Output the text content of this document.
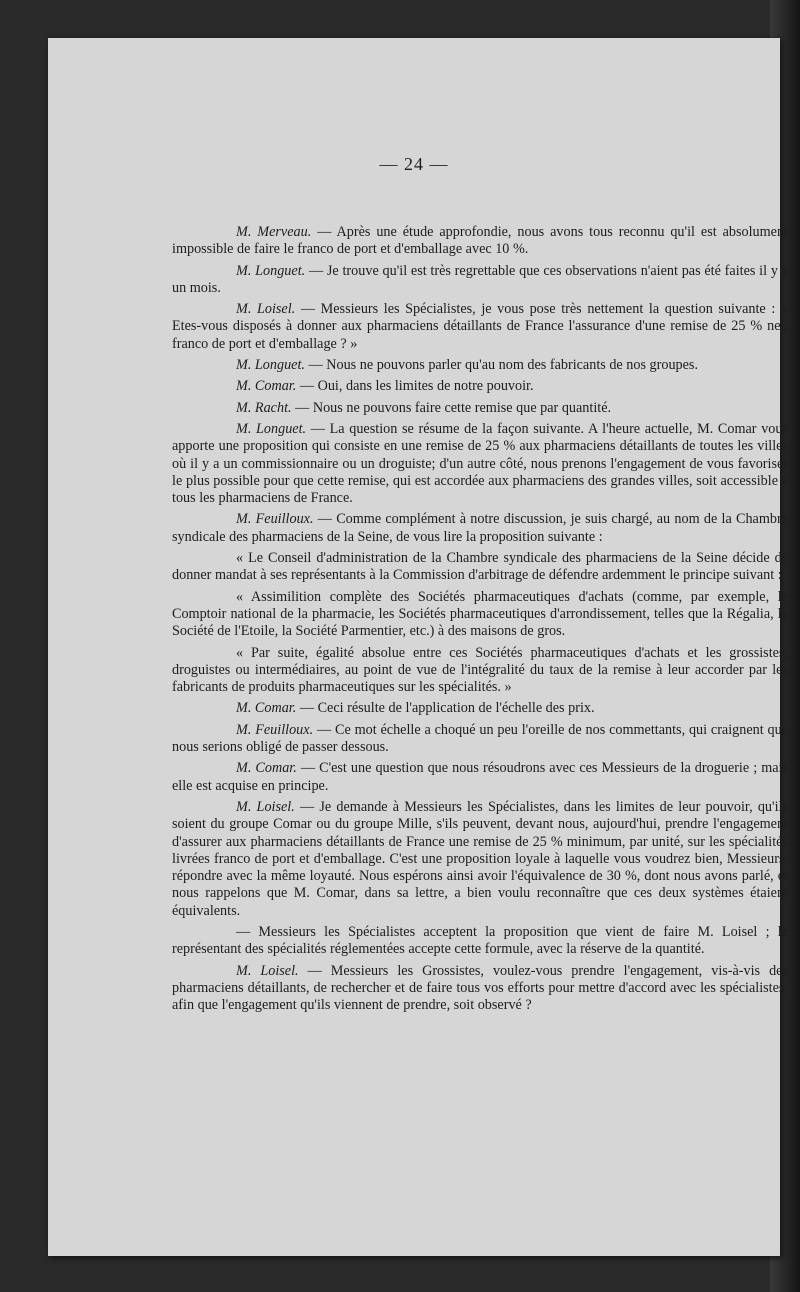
— 24 —

M. Merveau. — Après une étude approfondie, nous avons tous reconnu qu'il est absolument impossible de faire le franco de port et d'emballage avec 10 %.

M. Longuet. — Je trouve qu'il est très regrettable que ces observations n'aient pas été faites il y a un mois.

M. Loisel. — Messieurs les Spécialistes, je vous pose très nettement la question suivante : « Etes-vous disposés à donner aux pharmaciens détaillants de France l'assurance d'une remise de 25 % net, franco de port et d'emballage ? »

M. Longuet. — Nous ne pouvons parler qu'au nom des fabricants de nos groupes.

M. Comar. — Oui, dans les limites de notre pouvoir.

M. Racht. — Nous ne pouvons faire cette remise que par quantité.

M. Longuet. — La question se résume de la façon suivante. A l'heure actuelle, M. Comar vous apporte une proposition qui consiste en une remise de 25 % aux pharmaciens détaillants de toutes les villes où il y a un commissionnaire ou un droguiste; d'un autre côté, nous prenons l'engagement de vous favoriser le plus possible pour que cette remise, qui est accordée aux pharmaciens des grandes villes, soit accessible à tous les pharmaciens de France.

M. Feuilloux. — Comme complément à notre discussion, je suis chargé, au nom de la Chambre syndicale des pharmaciens de la Seine, de vous lire la proposition suivante :

« Le Conseil d'administration de la Chambre syndicale des pharmaciens de la Seine décide de donner mandat à ses représentants à la Commission d'arbitrage de défendre ardemment le principe suivant :

« Assimilition complète des Sociétés pharmaceutiques d'achats (comme, par exemple, le Comptoir national de la pharmacie, les Sociétés pharmaceutiques d'arrondissement, telles que la Régalia, la Société de l'Etoile, la Société Parmentier, etc.) à des maisons de gros.

« Par suite, égalité absolue entre ces Sociétés pharmaceutiques d'achats et les grossistes, droguistes ou intermédiaires, au point de vue de l'intégralité du taux de la remise à leur accorder par les fabricants de produits pharmaceutiques sur les spécialités. »

M. Comar. — Ceci résulte de l'application de l'échelle des prix.

M. Feuilloux. — Ce mot échelle a choqué un peu l'oreille de nos commettants, qui craignent que nous serions obligé de passer dessous.

M. Comar. — C'est une question que nous résoudrons avec ces Messieurs de la droguerie ; mais elle est acquise en principe.

M. Loisel. — Je demande à Messieurs les Spécialistes, dans les limites de leur pouvoir, qu'ils soient du groupe Comar ou du groupe Mille, s'ils peuvent, devant nous, aujourd'hui, prendre l'engagement d'assurer aux pharmaciens détaillants de France une remise de 25 % minimum, par unité, sur les spécialités livrées franco de port et d'emballage. C'est une proposition loyale à laquelle vous voudrez bien, Messieurs, répondre avec la même loyauté. Nous espérons ainsi avoir l'équivalence de 30 %, dont nous avons parlé, et nous rappelons que M. Comar, dans sa lettre, a bien voulu reconnaître que ces deux systèmes étaient équivalents.

— Messieurs les Spécialistes acceptent la proposition que vient de faire M. Loisel ; le représentant des spécialités réglementées accepte cette formule, avec la réserve de la quantité.

M. Loisel. — Messieurs les Grossistes, voulez-vous prendre l'engagement, vis-à-vis des pharmaciens détaillants, de rechercher et de faire tous vos efforts pour mettre d'accord avec les spécialistes, afin que l'engagement qu'ils viennent de prendre, soit observé ?
